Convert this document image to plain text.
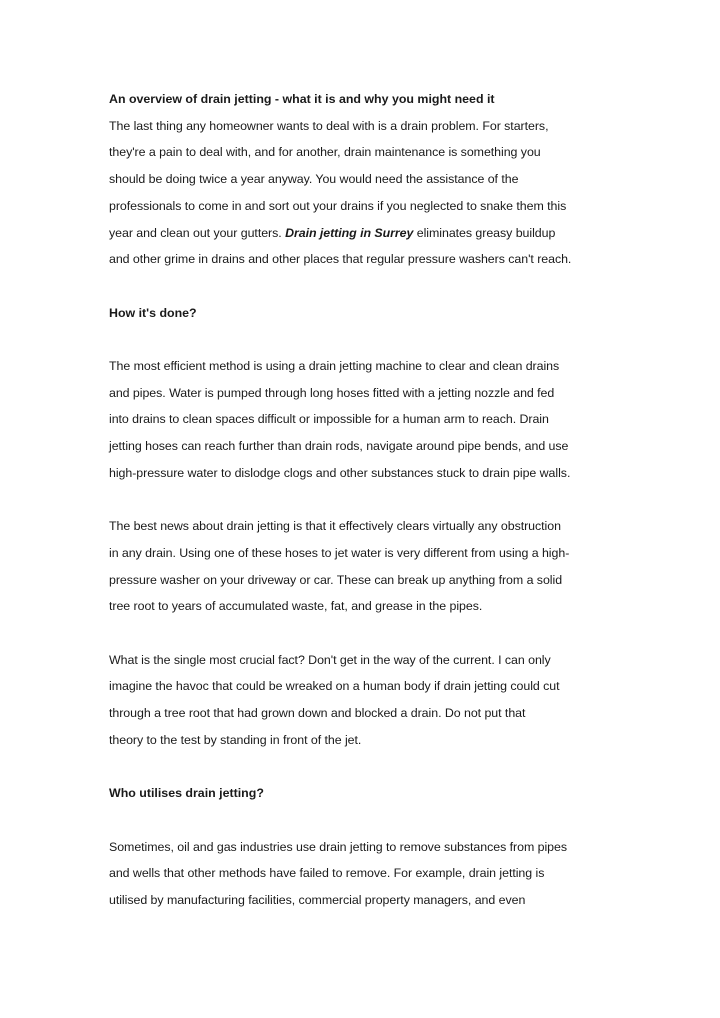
An overview of drain jetting - what it is and why you might need it
The last thing any homeowner wants to deal with is a drain problem. For starters,
they're a pain to deal with, and for another, drain maintenance is something you
should be doing twice a year anyway. You would need the assistance of the
professionals to come in and sort out your drains if you neglected to snake them this
year and clean out your gutters. Drain jetting in Surrey eliminates greasy buildup
and other grime in drains and other places that regular pressure washers can't reach.
How it's done?
The most efficient method is using a drain jetting machine to clear and clean drains
and pipes. Water is pumped through long hoses fitted with a jetting nozzle and fed
into drains to clean spaces difficult or impossible for a human arm to reach. Drain
jetting hoses can reach further than drain rods, navigate around pipe bends, and use
high-pressure water to dislodge clogs and other substances stuck to drain pipe walls.
The best news about drain jetting is that it effectively clears virtually any obstruction
in any drain. Using one of these hoses to jet water is very different from using a high-
pressure washer on your driveway or car. These can break up anything from a solid
tree root to years of accumulated waste, fat, and grease in the pipes.
What is the single most crucial fact? Don't get in the way of the current. I can only
imagine the havoc that could be wreaked on a human body if drain jetting could cut
through a tree root that had grown down and blocked a drain. Do not put that
theory to the test by standing in front of the jet.
Who utilises drain jetting?
Sometimes, oil and gas industries use drain jetting to remove substances from pipes
and wells that other methods have failed to remove. For example, drain jetting is
utilised by manufacturing facilities, commercial property managers, and even
